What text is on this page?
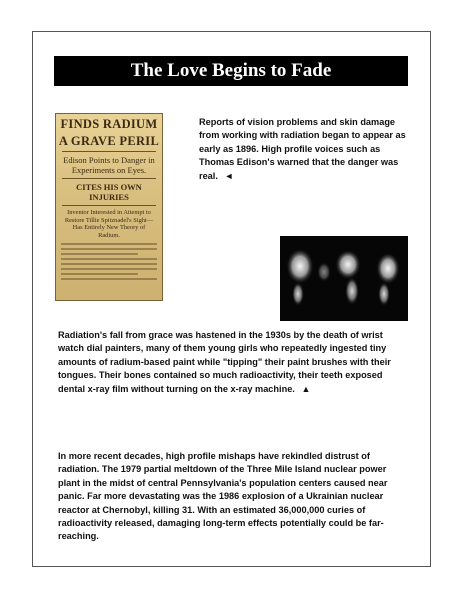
The Love Begins to Fade
FINDS RADIUM
A GRAVE PERIL
Edison Points to Danger in Experiments on Eyes.
CITES HIS OWN INJURIES
Inventor Interested in Attempt to Restore Tillie Spitznadel's Sight—Has Entirely New Theory of Radium.
Reports of vision problems and skin damage from working with radiation began to appear as early as 1896. High profile voices such as Thomas Edison's warned that the danger was real. ◄
Radiation's fall from grace was hastened in the 1930s by the death of wrist watch dial painters, many of them young girls who repeatedly ingested tiny amounts of radium-based paint while "tipping" their paint brushes with their tongues. Their bones contained so much radioactivity, their teeth exposed dental x-ray film without turning on the x-ray machine. ▲
In more recent decades, high profile mishaps have rekindled distrust of radiation. The 1979 partial meltdown of the Three Mile Island nuclear power plant in the midst of central Pennsylvania's population centers caused near panic. Far more devastating was the 1986 explosion of a Ukrainian nuclear reactor at Chernobyl, killing 31. With an estimated 36,000,000 curies of radioactivity released, damaging long-term effects potentially could be far-reaching.
